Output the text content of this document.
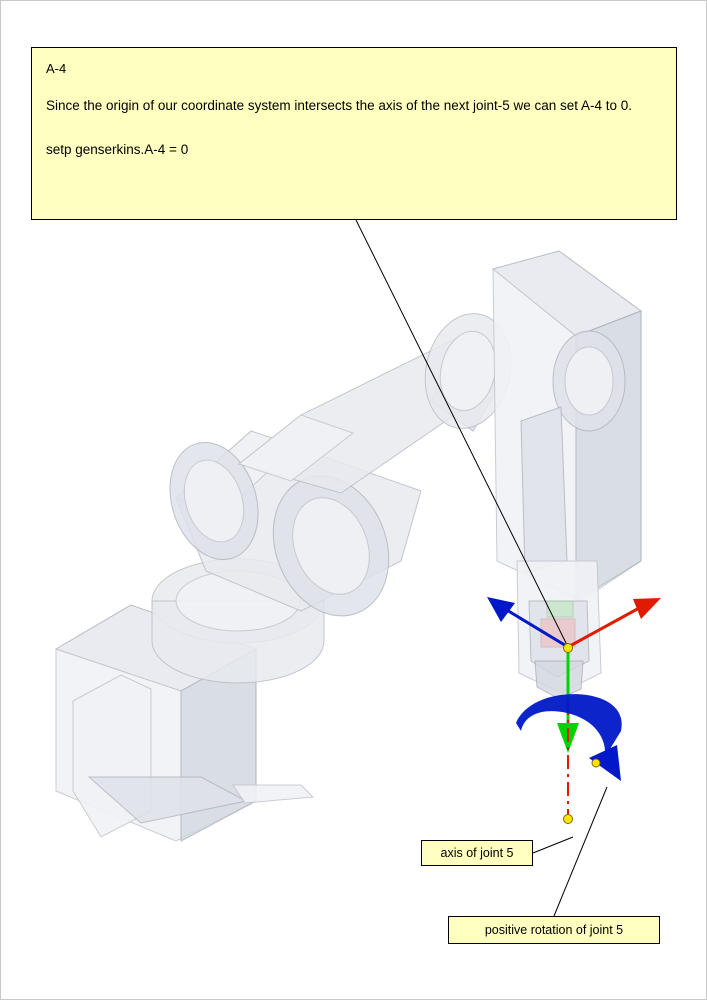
A-4
Since the origin of our coordinate system intersects the axis of the next joint-5 we can set A-4 to 0.
setp genserkins.A-4 = 0
axis of joint 5
positive rotation of joint 5
